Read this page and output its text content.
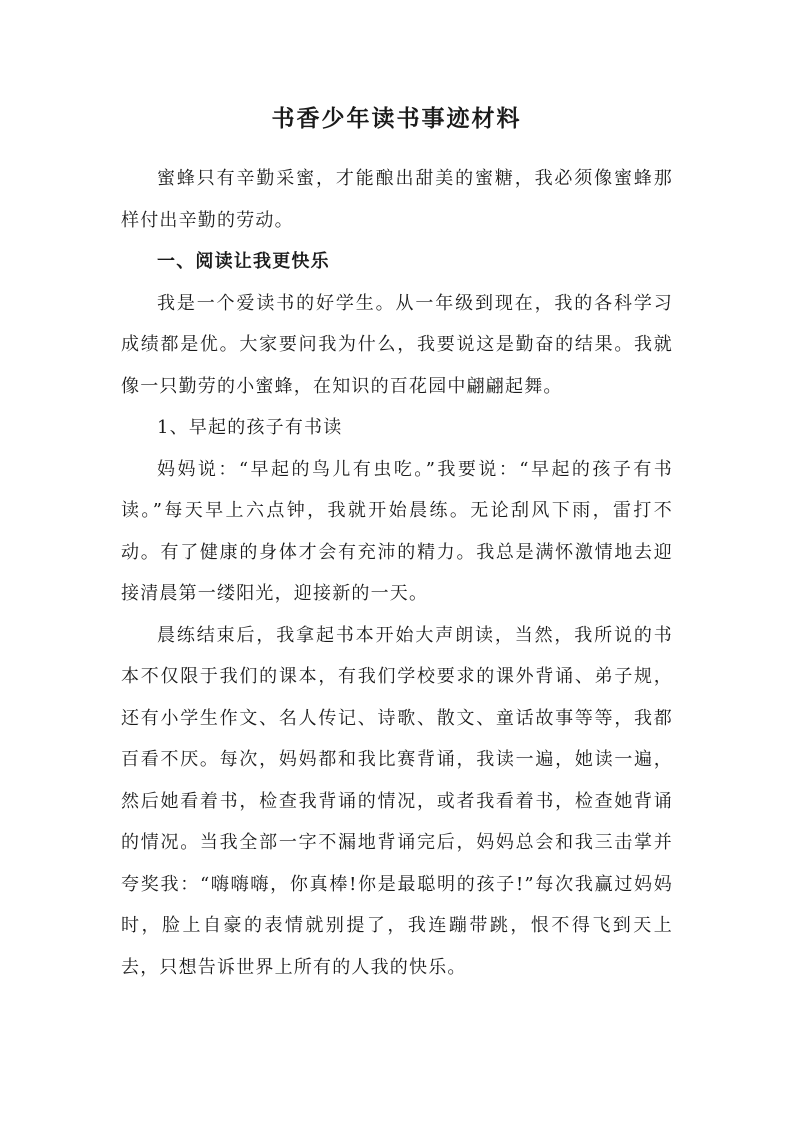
书香少年读书事迹材料

蜜蜂只有辛勤采蜜，才能酿出甜美的蜜糖，我必须像蜜蜂那样付出辛勤的劳动。

一、阅读让我更快乐

我是一个爱读书的好学生。从一年级到现在，我的各科学习成绩都是优。大家要问我为什么，我要说这是勤奋的结果。我就像一只勤劳的小蜜蜂，在知识的百花园中翩翩起舞。

1、早起的孩子有书读

妈妈说：“早起的鸟儿有虫吃。”我要说：“早起的孩子有书读。”每天早上六点钟，我就开始晨练。无论刮风下雨，雷打不动。有了健康的身体才会有充沛的精力。我总是满怀激情地去迎接清晨第一缕阳光，迎接新的一天。

晨练结束后，我拿起书本开始大声朗读，当然，我所说的书本不仅限于我们的课本，有我们学校要求的课外背诵、弟子规，还有小学生作文、名人传记、诗歌、散文、童话故事等等，我都百看不厌。每次，妈妈都和我比赛背诵，我读一遍，她读一遍，然后她看着书，检查我背诵的情况，或者我看着书，检查她背诵的情况。当我全部一字不漏地背诵完后，妈妈总会和我三击掌并夸奖我：“嗨嗨嗨，你真棒!你是最聪明的孩子!”每次我赢过妈妈时，脸上自豪的表情就别提了，我连蹦带跳，恨不得飞到天上去，只想告诉世界上所有的人我的快乐。
